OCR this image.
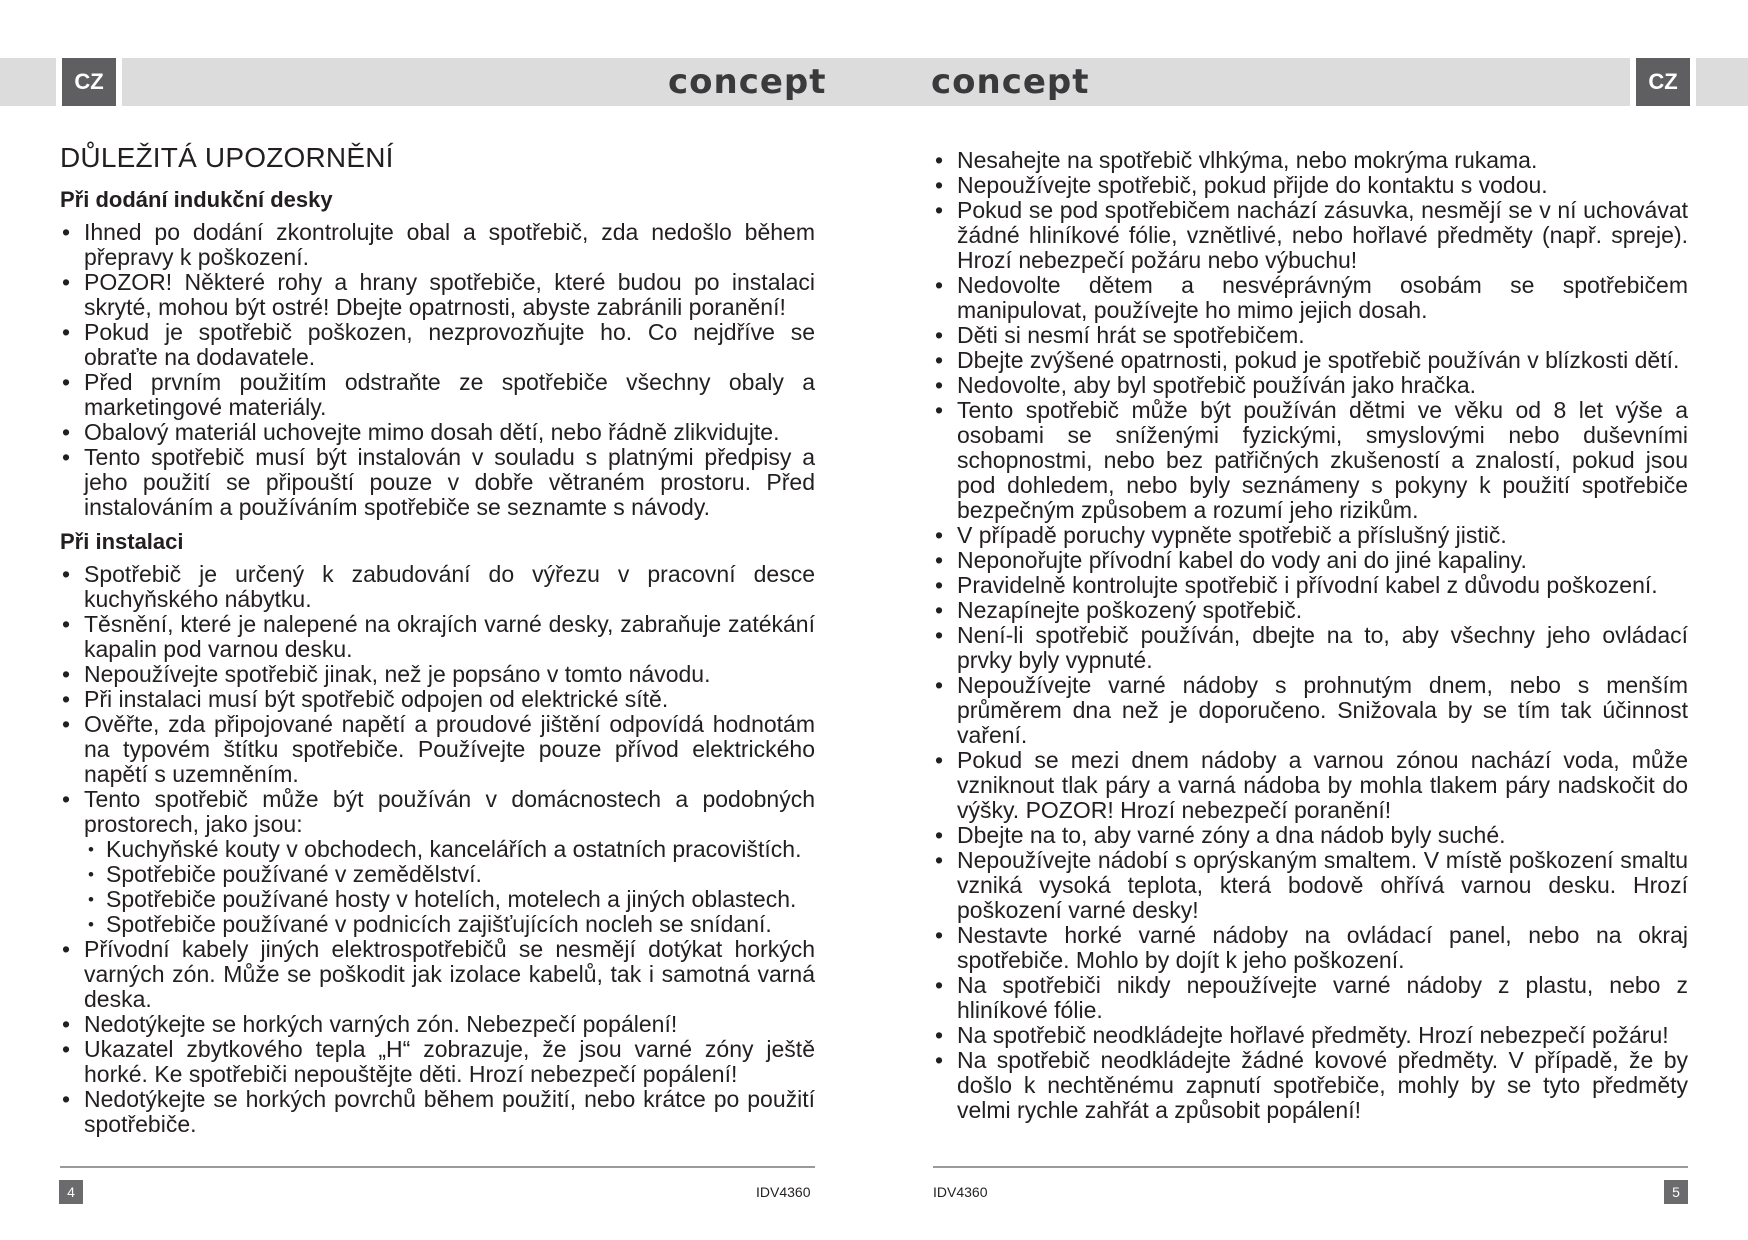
CZ	CZ
concept	concept
DŮLEŽITÁ UPOZORNĚNÍ
Při dodání indukční desky
• Ihned po dodání zkontrolujte obal a spotřebič, zda nedošlo během přepravy k poškození.
• POZOR! Některé rohy a hrany spotřebiče, které budou po instalaci skryté, mohou být ostré! Dbejte opatrnosti, abyste zabránili poranění!
• Pokud je spotřebič poškozen, nezprovozňujte ho. Co nejdříve se obraťte na dodavatele.
• Před prvním použitím odstraňte ze spotřebiče všechny obaly a marketingové materiály.
• Obalový materiál uchovejte mimo dosah dětí, nebo řádně zlikvidujte.
• Tento spotřebič musí být instalován v souladu s platnými předpisy a jeho použití se připouští pouze v dobře větraném prostoru. Před instalováním a používáním spotřebiče se seznamte s návody.
Při instalaci
• Spotřebič je určený k zabudování do výřezu v pracovní desce kuchyňského nábytku.
• Těsnění, které je nalepené na okrajích varné desky, zabraňuje zatékání kapalin pod varnou desku.
• Nepoužívejte spotřebič jinak, než je popsáno v tomto návodu.
• Při instalaci musí být spotřebič odpojen od elektrické sítě.
• Ověřte, zda připojované napětí a proudové jištění odpovídá hodnotám na typovém štítku spotřebiče. Používejte pouze přívod elektrického napětí s uzemněním.
• Tento spotřebič může být používán v domácnostech a podobných prostorech, jako jsou:
• Kuchyňské kouty v obchodech, kancelářích a ostatních pracovištích.
• Spotřebiče používané v zemědělství.
• Spotřebiče používané hosty v hotelích, motelech a jiných oblastech.
• Spotřebiče používané v podnicích zajišťujících nocleh se snídaní.
• Přívodní kabely jiných elektrospotřebičů se nesmějí dotýkat horkých varných zón. Může se poškodit jak izolace kabelů, tak i samotná varná deska.
• Nedotýkejte se horkých varných zón. Nebezpečí popálení!
• Ukazatel zbytkového tepla „H“ zobrazuje, že jsou varné zóny ještě horké. Ke spotřebiči nepouštějte děti. Hrozí nebezpečí popálení!
• Nedotýkejte se horkých povrchů během použití, nebo krátce po použití spotřebiče.
• Nesahejte na spotřebič vlhkýma, nebo mokrýma rukama.
• Nepoužívejte spotřebič, pokud přijde do kontaktu s vodou.
• Pokud se pod spotřebičem nachází zásuvka, nesmějí se v ní uchovávat žádné hliníkové fólie, vznětlivé, nebo hořlavé předměty (např. spreje). Hrozí nebezpečí požáru nebo výbuchu!
• Nedovolte dětem a nesvéprávným osobám se spotřebičem manipulovat, používejte ho mimo jejich dosah.
• Děti si nesmí hrát se spotřebičem.
• Dbejte zvýšené opatrnosti, pokud je spotřebič používán v blízkosti dětí.
• Nedovolte, aby byl spotřebič používán jako hračka.
• Tento spotřebič může být používán dětmi ve věku od 8 let výše a osobami se sníženými fyzickými, smyslovými nebo duševními schopnostmi, nebo bez patřičných zkušeností a znalostí, pokud jsou pod dohledem, nebo byly seznámeny s pokyny k použití spotřebiče bezpečným způsobem a rozumí jeho rizikům.
• V případě poruchy vypněte spotřebič a příslušný jistič.
• Neponořujte přívodní kabel do vody ani do jiné kapaliny.
• Pravidelně kontrolujte spotřebič i přívodní kabel z důvodu poškození.
• Nezapínejte poškozený spotřebič.
• Není-li spotřebič používán, dbejte na to, aby všechny jeho ovládací prvky byly vypnuté.
• Nepoužívejte varné nádoby s prohnutým dnem, nebo s menším průměrem dna než je doporučeno. Snižovala by se tím tak účinnost vaření.
• Pokud se mezi dnem nádoby a varnou zónou nachází voda, může vzniknout tlak páry a varná nádoba by mohla tlakem páry nadskočit do výšky. POZOR! Hrozí nebezpečí poranění!
• Dbejte na to, aby varné zóny a dna nádob byly suché.
• Nepoužívejte nádobí s oprýskaným smaltem. V místě poškození smaltu vzniká vysoká teplota, která bodově ohřívá varnou desku. Hrozí poškození varné desky!
• Nestavte horké varné nádoby na ovládací panel, nebo na okraj spotřebiče. Mohlo by dojít k jeho poškození.
• Na spotřebiči nikdy nepoužívejte varné nádoby z plastu, nebo z hliníkové fólie.
• Na spotřebič neodkládejte hořlavé předměty. Hrozí nebezpečí požáru!
• Na spotřebič neodkládejte žádné kovové předměty. V případě, že by došlo k nechtěnému zapnutí spotřebiče, mohly by se tyto předměty velmi rychle zahřát a způsobit popálení!
4	5
IDV4360	IDV4360
